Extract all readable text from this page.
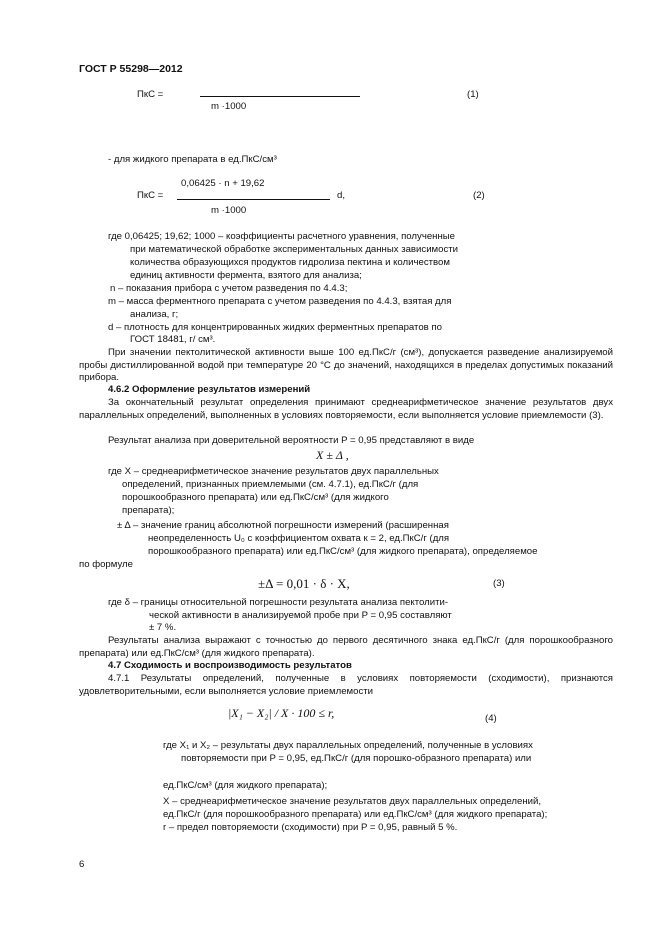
ГОСТ Р 55298—2012
ПкС =
m ·1000
(1)
- для жидкого препарата в ед.ПкС/см³
0,06425 · n + 19,62
ПкС =	d,
m ·1000
(2)
где 0,06425; 19,62; 1000 – коэффициенты расчетного уравнения, полученные
при математической обработке экспериментальных данных зависимости
количества образующихся продуктов гидролиза пектина и количеством
единиц активности фермента, взятого для анализа;
n – показания прибора с учетом разведения по 4.4.3;
m – масса ферментного препарата с учетом разведения по 4.4.3, взятая для
анализа, г;
d – плотность для концентрированных жидких ферментных препаратов по
ГОСТ 18481, г/ см³.
При значении пектолитической активности выше 100 ед.ПкС/г (см³), допускается разведение анализируемой пробы дистиллированной водой при температуре 20 °С до значений, находящихся в пределах допустимых показаний прибора.
4.6.2 Оформление результатов измерений
За окончательный результат определения принимают среднеарифметическое значение результатов двух параллельных определений, выполненных в условиях повторяемости, если выполняется условие приемлемости (3).
Результат анализа при доверительной вероятности P = 0,95 представляют в виде
X ± Δ ,
где X – среднеарифметическое значение результатов двух параллельных
определений, признанных приемлемыми (см. 4.7.1), ед.ПкС/г (для
порошкообразного препарата) или ед.ПкС/см³ (для жидкого
препарата);
± Δ – значение границ абсолютной погрешности измерений (расширенная
неопределенность U₀ с коэффициентом охвата к = 2, ед.ПкС/г (для
порошкообразного препарата) или ед.ПкС/см³ (для жидкого препарата), определяемое
по формуле
±Δ = 0,01 · δ · X,	(3)
где δ – границы относительной погрешности результата анализа пектолити-
ческой активности в анализируемой пробе при P = 0,95 составляют
± 7 %.
Результаты анализа выражают с точностью до первого десятичного знака ед.ПкС/г (для порошкообразного препарата) или ед.ПкС/см³ (для жидкого препарата).
4.7 Сходимость и воспроизводимость результатов
4.7.1 Результаты определений, полученные в условиях повторяемости (сходимости), признаются удовлетворительными, если выполняется условие приемлемости
|X₁ − X₂| / X · 100 ≤ r,	(4)
где X₁ и X₂ – результаты двух параллельных определений, полученные в условиях
повторяемости при P = 0,95, ед.ПкС/г (для порошко-образного препарата) или
ед.ПкС/см³ (для жидкого препарата);
X – среднеарифметическое значение результатов двух параллельных определений,
ед.ПкС/г (для порошкообразного препарата) или ед.ПкС/см³ (для жидкого препарата);
r – предел повторяемости (сходимости) при P = 0,95, равный 5 %.
6
